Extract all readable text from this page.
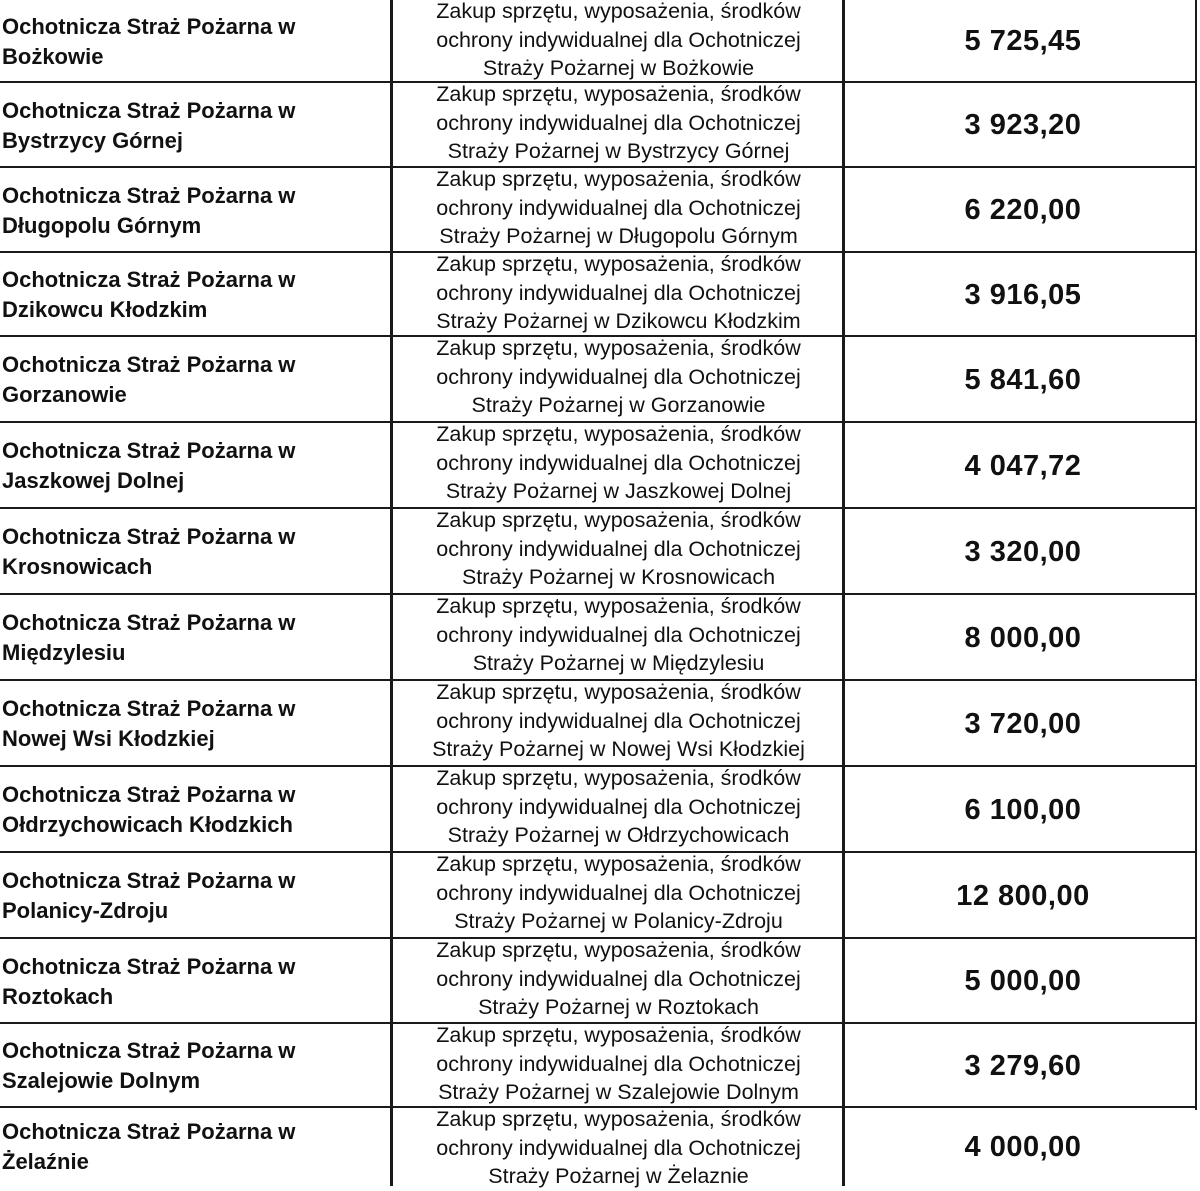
Ochotnicza Straż Pożarna w
Bożkowie
Zakup sprzętu, wyposażenia, środków
ochrony indywidualnej dla Ochotniczej
Straży Pożarnej w Bożkowie
5 725,45
Ochotnicza Straż Pożarna w
Bystrzycy Górnej
Zakup sprzętu, wyposażenia, środków
ochrony indywidualnej dla Ochotniczej
Straży Pożarnej w Bystrzycy Górnej
3 923,20
Ochotnicza Straż Pożarna w
Długopolu Górnym
Zakup sprzętu, wyposażenia, środków
ochrony indywidualnej dla Ochotniczej
Straży Pożarnej w Długopolu Górnym
6 220,00
Ochotnicza Straż Pożarna w
Dzikowcu Kłodzkim
Zakup sprzętu, wyposażenia, środków
ochrony indywidualnej dla Ochotniczej
Straży Pożarnej w Dzikowcu Kłodzkim
3 916,05
Ochotnicza Straż Pożarna w
Gorzanowie
Zakup sprzętu, wyposażenia, środków
ochrony indywidualnej dla Ochotniczej
Straży Pożarnej w Gorzanowie
5 841,60
Ochotnicza Straż Pożarna w
Jaszkowej Dolnej
Zakup sprzętu, wyposażenia, środków
ochrony indywidualnej dla Ochotniczej
Straży Pożarnej w Jaszkowej Dolnej
4 047,72
Ochotnicza Straż Pożarna w
Krosnowicach
Zakup sprzętu, wyposażenia, środków
ochrony indywidualnej dla Ochotniczej
Straży Pożarnej w Krosnowicach
3 320,00
Ochotnicza Straż Pożarna w
Międzylesiu
Zakup sprzętu, wyposażenia, środków
ochrony indywidualnej dla Ochotniczej
Straży Pożarnej w Międzylesiu
8 000,00
Ochotnicza Straż Pożarna w
Nowej Wsi Kłodzkiej
Zakup sprzętu, wyposażenia, środków
ochrony indywidualnej dla Ochotniczej
Straży Pożarnej w Nowej Wsi Kłodzkiej
3 720,00
Ochotnicza Straż Pożarna w
Ołdrzychowicach Kłodzkich
Zakup sprzętu, wyposażenia, środków
ochrony indywidualnej dla Ochotniczej
Straży Pożarnej w Ołdrzychowicach
6 100,00
Ochotnicza Straż Pożarna w
Polanicy-Zdroju
Zakup sprzętu, wyposażenia, środków
ochrony indywidualnej dla Ochotniczej
Straży Pożarnej w Polanicy-Zdroju
12 800,00
Ochotnicza Straż Pożarna w
Roztokach
Zakup sprzętu, wyposażenia, środków
ochrony indywidualnej dla Ochotniczej
Straży Pożarnej w Roztokach
5 000,00
Ochotnicza Straż Pożarna w
Szalejowie Dolnym
Zakup sprzętu, wyposażenia, środków
ochrony indywidualnej dla Ochotniczej
Straży Pożarnej w Szalejowie Dolnym
3 279,60
Ochotnicza Straż Pożarna w
Żelaźnie
Zakup sprzętu, wyposażenia, środków
ochrony indywidualnej dla Ochotniczej
Straży Pożarnej w Żelaznie
4 000,00
